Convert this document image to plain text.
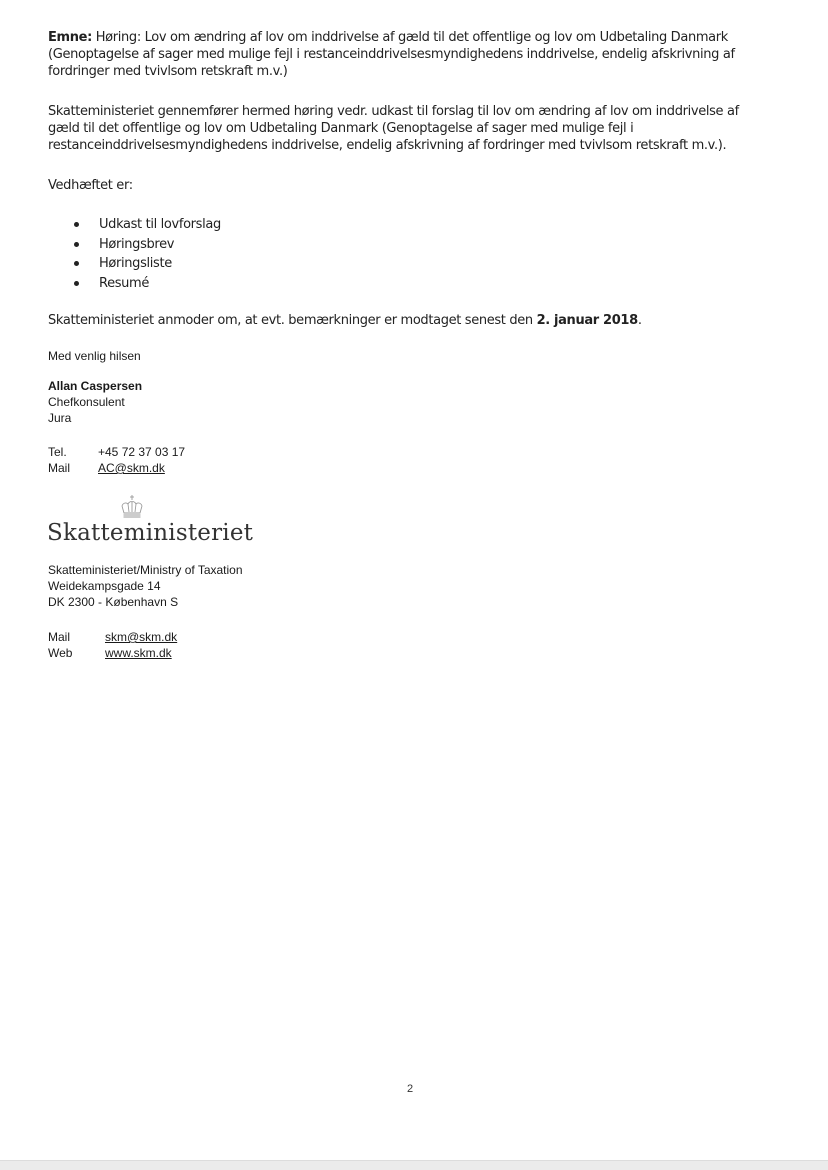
Emne: Høring: Lov om ændring af lov om inddrivelse af gæld til det offentlige og lov om Udbetaling Danmark (Genoptagelse af sager med mulige fejl i restanceinddrivelsesmyndighedens inddrivelse, endelig afskrivning af fordringer med tvivlsom retskraft m.v.)
Skatteministeriet gennemfører hermed høring vedr. udkast til forslag til lov om ændring af lov om inddrivelse af gæld til det offentlige og lov om Udbetaling Danmark (Genoptagelse af sager med mulige fejl i restanceinddrivelsesmyndighedens inddrivelse, endelig afskrivning af fordringer med tvivlsom retskraft m.v.).
Vedhæftet er:
Udkast til lovforslag
Høringsbrev
Høringsliste
Resumé
Skatteministeriet anmoder om, at evt. bemærkninger er modtaget senest den 2. januar 2018.
Med venlig hilsen
Allan Caspersen
Chefkonsulent
Jura
Tel.	+45 72 37 03 17
Mail AC@skm.dk
Skatteministeriet
Skatteministeriet/Ministry of Taxation
Weidekampsgade 14
DK 2300 - København S
Mail	skm@skm.dk
Web	www.skm.dk
2
